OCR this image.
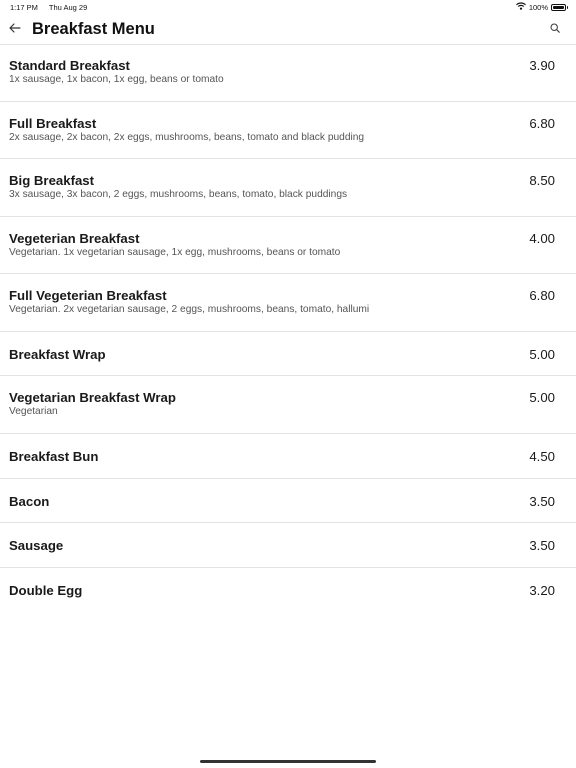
1:17 PM Thu Aug 29	100%
Breakfast Menu
Standard Breakfast
1x sausage, 1x bacon, 1x egg, beans or tomato
3.90
Full Breakfast
2x sausage, 2x bacon, 2x eggs, mushrooms, beans, tomato and black pudding
6.80
Big Breakfast
3x sausage, 3x bacon, 2 eggs, mushrooms, beans, tomato, black puddings
8.50
Vegeterian Breakfast
Vegetarian. 1x vegetarian sausage, 1x egg, mushrooms, beans or tomato
4.00
Full Vegeterian Breakfast
Vegetarian. 2x vegetarian sausage, 2 eggs, mushrooms, beans, tomato, hallumi
6.80
Breakfast Wrap	5.00
Vegetarian Breakfast Wrap
Vegetarian
5.00
Breakfast Bun	4.50
Bacon	3.50
Sausage	3.50
Double Egg	3.20
